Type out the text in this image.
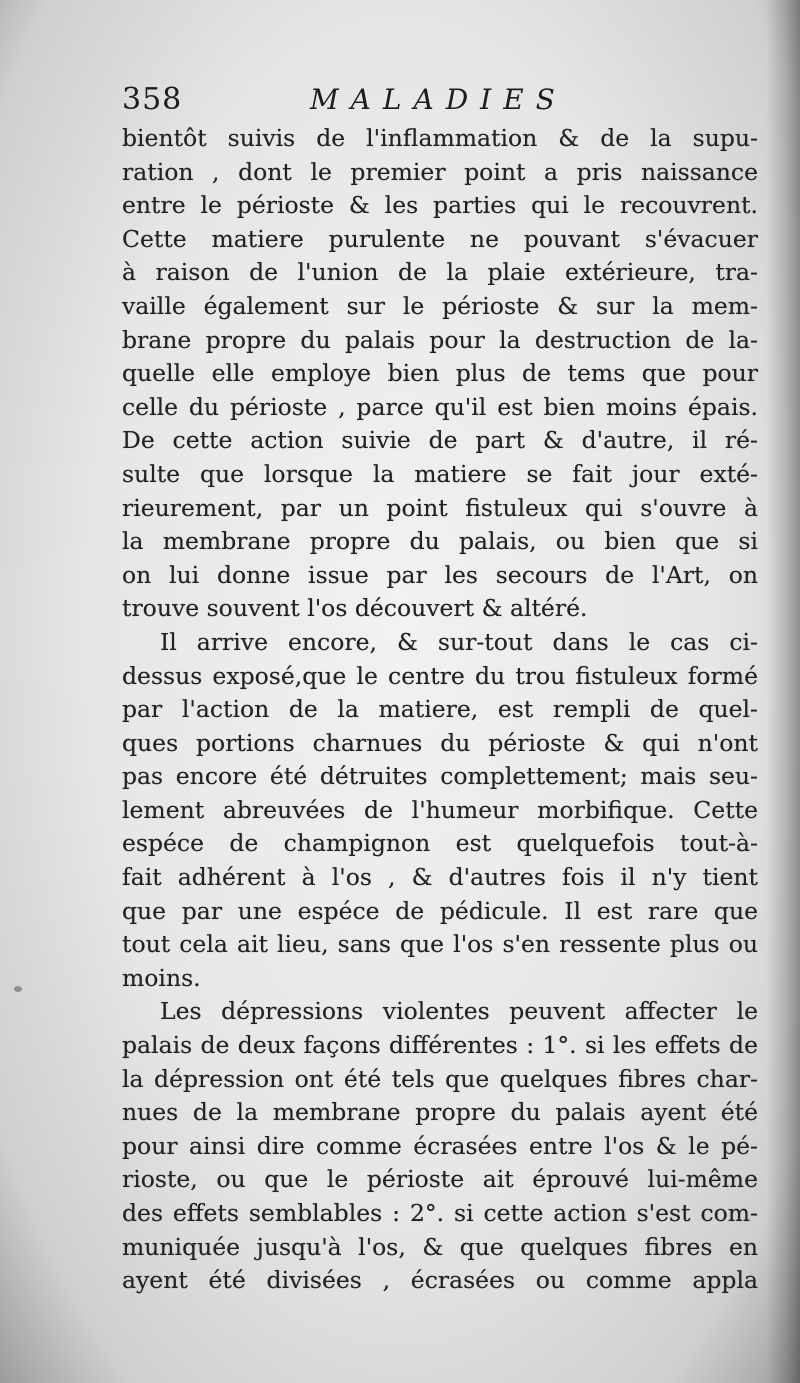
358	MALADIES
bientôt suivis de l'inflammation & de la supu-
ration , dont le premier point a pris naissance
entre le périoste & les parties qui le recouvrent.
Cette matiere purulente ne pouvant s'évacuer
à raison de l'union de la plaie extérieure, tra-
vaille également sur le périoste & sur la mem-
brane propre du palais pour la destruction de la-
quelle elle employe bien plus de tems que pour
celle du périoste , parce qu'il est bien moins épais.
De cette action suivie de part & d'autre, il ré-
sulte que lorsque la matiere se fait jour exté-
rieurement, par un point fistuleux qui s'ouvre à
la membrane propre du palais, ou bien que si
on lui donne issue par les secours de l'Art, on
trouve souvent l'os découvert & altéré.
Il arrive encore, & sur-tout dans le cas ci-
dessus exposé,que le centre du trou fistuleux formé
par l'action de la matiere, est rempli de quel-
ques portions charnues du périoste & qui n'ont
pas encore été détruites complettement; mais seu-
lement abreuvées de l'humeur morbifique. Cette
espéce de champignon est quelquefois tout-à-
fait adhérent à l'os , & d'autres fois il n'y tient
que par une espéce de pédicule. Il est rare que
tout cela ait lieu, sans que l'os s'en ressente plus ou
moins.
Les dépressions violentes peuvent affecter le
palais de deux façons différentes : 1°. si les effets de
la dépression ont été tels que quelques fibres char-
nues de la membrane propre du palais ayent été
pour ainsi dire comme écrasées entre l'os & le pé-
rioste, ou que le périoste ait éprouvé lui-même
des effets semblables : 2°. si cette action s'est com-
muniquée jusqu'à l'os, & que quelques fibres en
ayent été divisées , écrasées ou comme appla
